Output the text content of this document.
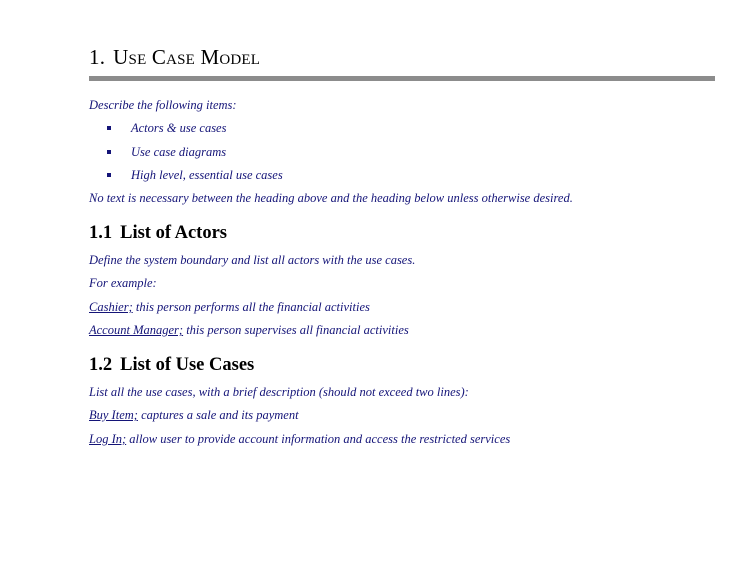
1. Use Case Model
Describe the following items:
Actors & use cases
Use case diagrams
High level, essential use cases
No text is necessary between the heading above and the heading below unless otherwise desired.
1.1 List of Actors
Define the system boundary and list all actors with the use cases.
For example:
Cashier; this person performs all the financial activities
Account Manager; this person supervises all financial activities
1.2 List of Use Cases
List all the use cases, with a brief description (should not exceed two lines):
Buy Item; captures a sale and its payment
Log In; allow user to provide account information and access the restricted services
